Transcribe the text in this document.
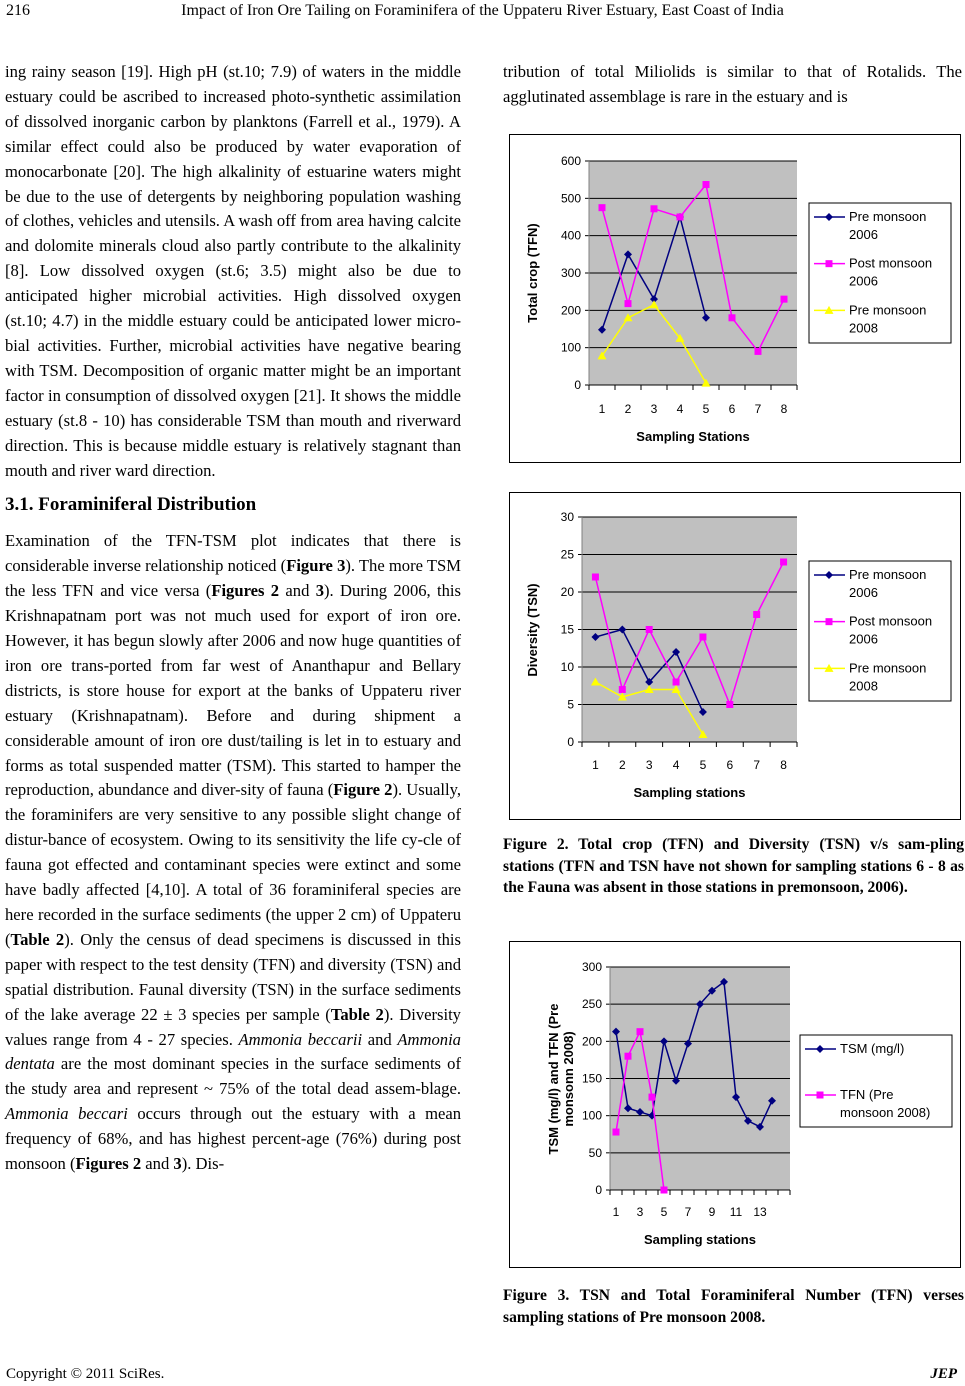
216	Impact of Iron Ore Tailing on Foraminifera of the Uppateru River Estuary, East Coast of India

ing rainy season [19]. High pH (st.10; 7.9) of waters in the middle estuary could be ascribed to increased photo-synthetic assimilation of dissolved inorganic carbon by planktons (Farrell et al., 1979). A similar effect could also be produced by water evaporation of monocarbonate [20]. The high alkalinity of estuarine waters might be due to the use of detergents by neighboring population washing of clothes, vehicles and utensils. A wash off from area having calcite and dolomite minerals cloud also partly contribute to the alkalinity [8]. Low dissolved oxygen (st.6; 3.5) might also be due to anticipated higher microbial activities. High dissolved oxygen (st.10; 4.7) in the middle estuary could be anticipated lower micro-bial activities. Further, microbial activities have negative bearing with TSM. Decomposition of organic matter might be an important factor in consumption of dissolved oxygen [21]. It shows the middle estuary (st.8 - 10) has considerable TSM than mouth and riverward direction. This is because middle estuary is relatively stagnant than mouth and river ward direction.

3.1. Foraminiferal Distribution

Examination of the TFN-TSM plot indicates that there is considerable inverse relationship noticed (Figure 3). The more TSM the less TFN and vice versa (Figures 2 and 3). During 2006, this Krishnapatnam port was not much used for export of iron ore. However, it has begun slowly after 2006 and now huge quantities of iron ore trans-ported from far west of Ananthapur and Bellary districts, is store house for export at the banks of Uppateru river estuary (Krishnapatnam). Before and during shipment a considerable amount of iron ore dust/tailing is let in to estuary and forms as total suspended matter (TSM). This started to hamper the reproduction, abundance and diver-sity of fauna (Figure 2). Usually, the foraminifers are very sensitive to any possible slight change of distur-bance of ecosystem. Owing to its sensitivity the life cy-cle of fauna got effected and contaminant species were extinct and some have badly affected [4,10]. A total of 36 foraminiferal species are here recorded in the surface sediments (the upper 2 cm) of Uppateru (Table 2). Only the census of dead specimens is discussed in this paper with respect to the test density (TFN) and diversity (TSN) and spatial distribution. Faunal diversity (TSN) in the surface sediments of the lake average 22 ± 3 species per sample (Table 2). Diversity values range from 4 - 27 species. Ammonia beccarii and Ammonia dentata are the most dominant species in the surface sediments of the study area and represent ~ 75% of the total dead assem-blage. Ammonia beccari occurs through out the estuary with a mean frequency of 68%, and has highest percent-age (76%) during post monsoon (Figures 2 and 3). Dis-

tribution of total Miliolids is similar to that of Rotalids. The agglutinated assemblage is rare in the estuary and is

0
100
200
300
400
500
600
1 2 3 4 5 6 7 8
Sampling Stations
Total crop (TFN)
Pre monsoon
2006
Post monsoon
2006
Pre monsoon
2008
0
5
10
15
20
25
30
1 2 3 4 5 6 7 8
Sampling stations
Diversity (TSN)
Pre monsoon
2006
Post monsoon
2006
Pre monsoon
2008
0
50
100
150
200
250
300
1 3 5 7 9 11 13
Sampling stations
TSM (mg/l) and TFN (Premonsonn 2008)	TSM (mg/l)
TFN (Pre
monsoon 2008)
Figure 2. Total crop (TFN) and Diversity (TSN) v/s sam-pling stations (TFN and TSN have not shown for sampling stations 6 - 8 as the Fauna was absent in those stations in premonsoon, 2006).
Figure 3. TSN and Total Foraminiferal Number (TFN) verses sampling stations of Pre monsoon 2008.
Copyright © 2011 SciRes.	JEP
